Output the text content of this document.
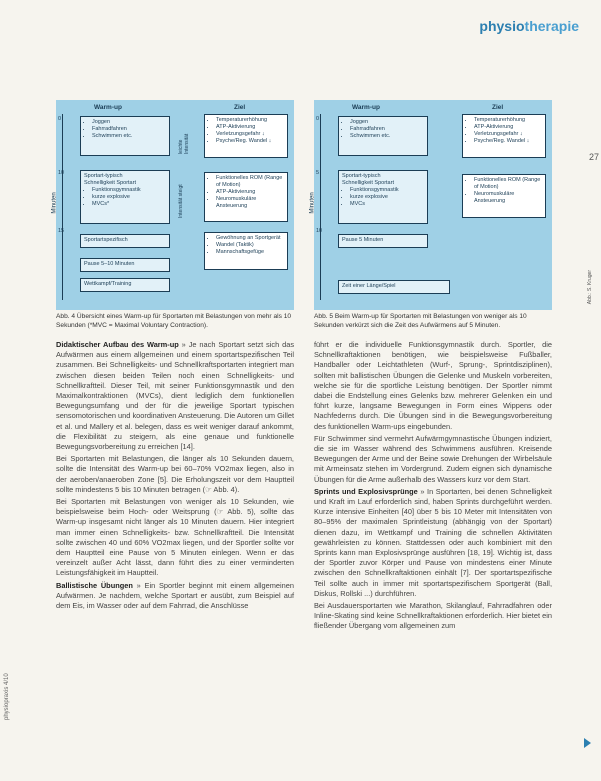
physiotherapie
27
Warm-up	Ziel
Minuten
0
10
15
• Joggen
• Fahrradfahren
• Schwimmen etc.
leichte Intensität
• Temperaturerhöhung
• ATP-Aktivierung
• Verletzungsgefahr ↓
• Psyche/Reg. Wandel ↓
Sportart-typisch
Schnelligkeit Sportart
• Funktionsgymnastik
• kurze explosive
• MVCs*	Intensität steigt
• Funktionelles ROM (Range of Motion)
• ATP-Aktivierung
• Neuromuskuläre Ansteuerung
Sportartspezifisch
•	Gewöhnung an Sportgerät
• Wandel (Taktik)
• Mannschaftsgefüge
Pause 5–10 Minuten
Wettkampf/Training
Warm-up	Ziel
Minuten
0
5
10
• Joggen
• Fahrradfahren
• Schwimmen etc.
• Temperaturerhöhung
• ATP-Aktivierung
• Verletzungsgefahr ↓
• Psyche/Reg. Wandel ↓
Sportart-typisch
Schnelligkeit Sportart
• Funktionsgymnastik
• kurze explosive
• MVCs
• Funktionelles ROM (Range of Motion)
• Neuromuskuläre Ansteuerung
Pause 5 Minuten
Zeit einer Länge/Spiel	Abb.: S. Kruger
Abb. 4 Übersicht eines Warm-up für Sportarten mit Belastungen von mehr als 10 Sekunden (*MVC = Maximal Voluntary Contraction).
Abb. 5 Beim Warm-up für Sportarten mit Belastungen von weniger als 10 Sekunden verkürzt sich die Zeit des Aufwärmens auf 5 Minuten.

Didaktischer Aufbau des Warm-up » Je nach Sportart setzt sich das Aufwärmen aus einem allgemeinen und einem sportartspezifischen Teil zusammen. Bei Schnelligkeits- und Schnellkraftsportarten integriert man zwischen diesen beiden Teilen noch einen Schnelligkeits- und Schnellkraftteil. Dieser Teil, mit seiner Funktionsgymnastik und den Maximalkontraktionen (MVCs), dient lediglich dem funktionellen Bewegungsumfang und der für die jeweilige Sportart typischen sensomotorischen und koordinativen Ansteuerung. Die Autoren um Gillet et al. und Mallery et al. belegen, dass es weit weniger darauf ankommt, die Flexibilität zu steigern, als eine genaue und funktionelle Bewegungsvorbereitung zu erreichen [14].

Bei Sportarten mit Belastungen, die länger als 10 Sekunden dauern, sollte die Intensität des Warm-up bei 60–70% VO2max liegen, also in der aeroben/anaeroben Zone [5]. Die Erholungszeit vor dem Hauptteil sollte mindestens 5 bis 10 Minuten betragen (☞ Abb. 4).

Bei Sportarten mit Belastungen von weniger als 10 Sekunden, wie beispielsweise beim Hoch- oder Weitsprung (☞ Abb. 5), sollte das Warm-up insgesamt nicht länger als 10 Minuten dauern. Hier integriert man immer einen Schnelligkeits- bzw. Schnellkraftteil. Die Intensität sollte zwischen 40 und 60% VO2max liegen, und der Sportler sollte vor dem Hauptteil eine Pause von 5 Minuten einlegen. Wenn er das vereinzelt außer Acht lässt, dann führt dies zu einer verminderten Leistungsfähigkeit im Hauptteil.

Ballistische Übungen » Ein Sportler beginnt mit einem allgemeinen Aufwärmen. Je nachdem, welche Sportart er ausübt, zum Beispiel auf dem Eis, im Wasser oder auf dem Fahrrad, die Anschlüsse

führt er die individuelle Funktionsgymnastik durch. Sportler, die Schnellkraftaktionen benötigen, wie beispielsweise Fußballer, Handballer oder Leichtathleten (Wurf-, Sprung-, Sprintdisziplinen), sollten mit ballistischen Übungen die Gelenke und Muskeln vorbereiten, welche sie für die sportliche Leistung benötigen. Der Sportler nimmt dabei die Endstellung eines Gelenks bzw. mehrerer Gelenken ein und führt kurze, langsame Bewegungen in Form eines Wippens oder Nachfederns durch. Die Übungen sind in die Bewegungsvorbereitung des funktionellen Warm-ups eingebunden.

Für Schwimmer sind vermehrt Aufwärmgymnastische Übungen indiziert, die sie im Wasser während des Schwimmens ausführen. Kreisende Bewegungen der Arme und der Beine sowie Drehungen der Wirbelsäule mit Armeinsatz stehen im Vordergrund. Zudem eignen sich dynamische Übungen für die Arme außerhalb des Wassers kurz vor dem Start.

Sprints und Explosivsprünge » In Sportarten, bei denen Schnelligkeit und Kraft im Lauf erforderlich sind, haben Sprints durchgeführt werden. Kurze intensive Einheiten [40] über 5 bis 10 Meter mit Intensitäten von 80–95% der maximalen Sprintleistung (abhängig von der Sportart) dienen dazu, im Wettkampf und Training die schnellen Aktivitäten gewährleisten zu können. Stattdessen oder auch kombiniert mit den Sprints kann man Explosivsprünge ausführen [18, 19]. Wichtig ist, dass der Sportler zuvor Körper und Pause von mindestens einer Minute zwischen den Schnellkraftaktionen einhält [7]. Der sportartspezifische Teil sollte auch in immer mit sportartspezifischem Sportgerät (Ball, Diskus, Rollski ...) durchführen.

Bei Ausdauersportarten wie Marathon, Skilanglauf, Fahrradfahren oder Inline-Skating sind keine Schnellkraftaktionen erforderlich. Hier bietet ein fließender Übergang vom allgemeinen zum

physiopraxis 4/10
